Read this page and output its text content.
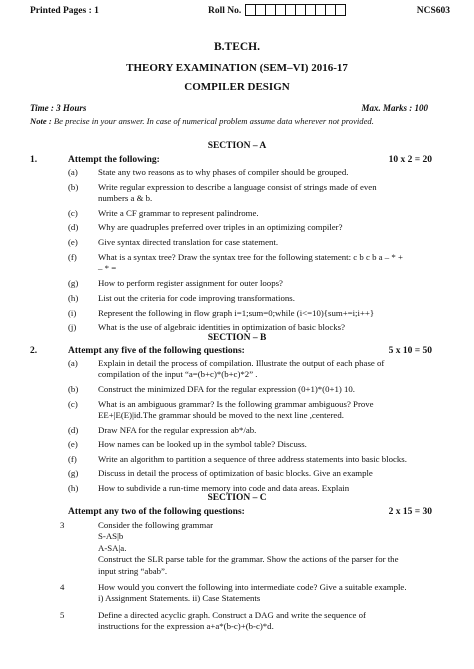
Printed Pages : 1	Roll No.	NCS603
B.TECH.
THEORY EXAMINATION (SEM–VI) 2016-17
COMPILER DESIGN
Time : 3 Hours	Max. Marks : 100
Note : Be precise in your answer. In case of numerical problem assume data wherever not provided.
SECTION – A
1.	Attempt the following:	10 x 2 = 20
(a)	State any two reasons as to why phases of compiler should be grouped.
(b)	Write regular expression to describe a language consist of strings made of even
numbers a & b.
(c)	Write a CF grammar to represent palindrome.
(d)	Why are quadruples preferred over triples in an optimizing compiler?
(e)	Give syntax directed translation for case statement.
(f)	What is a syntax tree? Draw the syntax tree for the following statement: c b c b a – * +
– * =
(g)	How to perform register assignment for outer loops?
(h)	List out the criteria for code improving transformations.
(i)	Represent the following in flow graph i=1;sum=0;while (i<=10){sum+=i;i++}
(j)	What is the use of algebraic identities in optimization of basic blocks?
SECTION – B
2.	Attempt any five of the following questions:	5 x 10 = 50
(a)	Explain in detail the process of compilation. Illustrate the output of each phase of
compilation of the input “a=(b+c)*(b+c)*2” .
(b)	Construct the minimized DFA for the regular expression (0+1)*(0+1) 10.
(c)	What is an ambiguous grammar? Is the following grammar ambiguous? Prove
EE+|E(E)|id.The grammar should be moved to the next line ,centered.
(d)	Draw NFA for the regular expression ab*/ab.
(e)	How names can be looked up in the symbol table? Discuss.
(f)	Write an algorithm to partition a sequence of three address statements into basic blocks.
(g)	Discuss in detail the process of optimization of basic blocks. Give an example
(h)	How to subdivide a run-time memory into code and data areas. Explain
SECTION – C
Attempt any two of the following questions:	2 x 15 = 30
3	Consider the following grammar
S-AS|b
A-SA|a.
Construct the SLR parse table for the grammar. Show the actions of the parser for the
input string “abab”.
4	How would you convert the following into intermediate code? Give a suitable example.
i) Assignment Statements. ii) Case Statements
5	Define a directed acyclic graph. Construct a DAG and write the sequence of
instructions for the expression a+a*(b-c)+(b-c)*d.
